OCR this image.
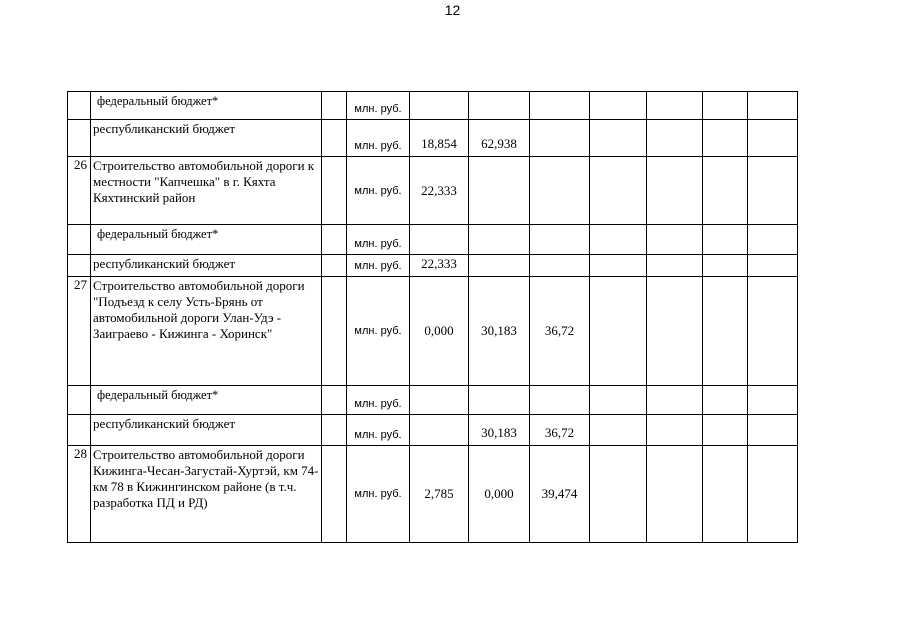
12
	федеральный бюджет*		млн. руб.							
	республиканский бюджет		млн. руб.	18,854	62,938					
26	Строительство автомобильной дороги к местности "Капчешка" в г. Кяхта Кяхтинский район		млн. руб.	22,333						
	федеральный бюджет*		млн. руб.							
	республиканский бюджет		млн. руб.	22,333						
27	Строительство автомобильной дороги "Подъезд к селу Усть-Брянь от автомобильной дороги Улан-Удэ - Заиграево - Кижинга - Хоринск"		млн. руб.	0,000	30,183	36,72				
	федеральный бюджет*		млн. руб.							
	республиканский бюджет		млн. руб.		30,183	36,72				
28	Строительство автомобильной дороги Кижинга-Чесан-Загустай-Хуртэй, км 74- км 78 в Кижингинском районе (в т.ч. разработка ПД и РД)		млн. руб.	2,785	0,000	39,474				
